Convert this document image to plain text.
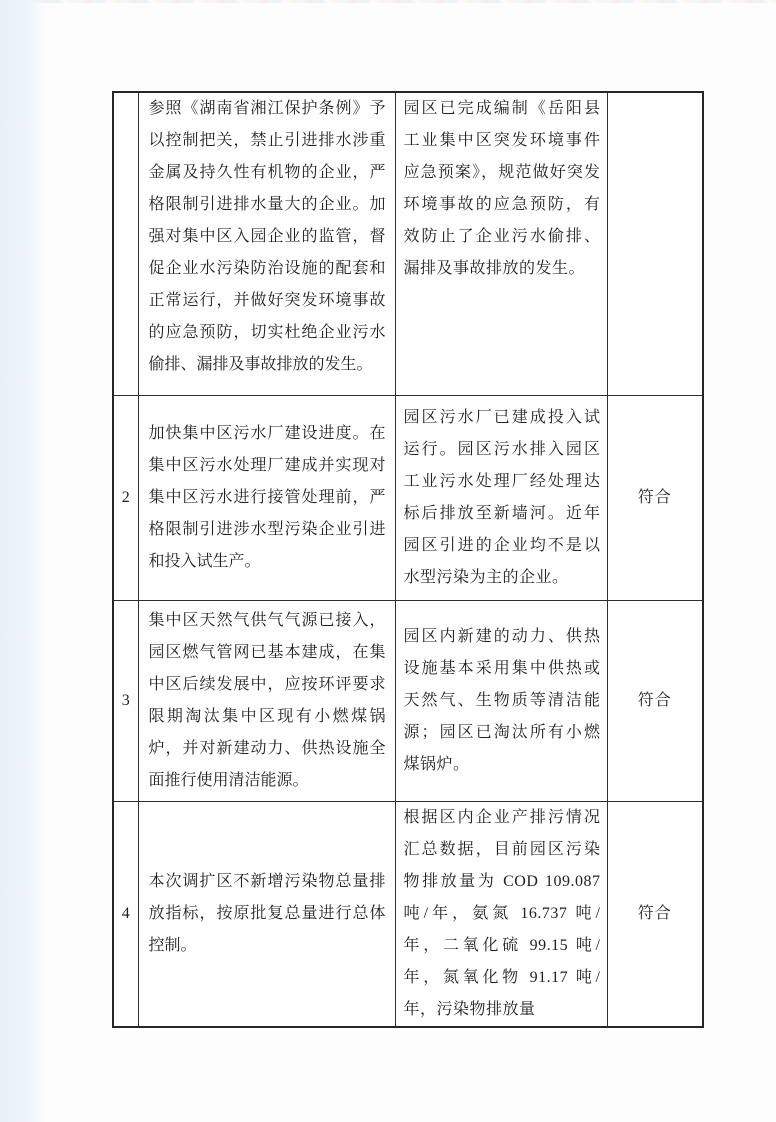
	参照《湖南省湘江保护条例》予以控制把关，禁止引进排水涉重金属及持久性有机物的企业，严格限制引进排水量大的企业。加强对集中区入园企业的监管，督促企业水污染防治设施的配套和正常运行，并做好突发环境事故的应急预防，切实杜绝企业污水偷排、漏排及事故排放的发生。	园区已完成编制《岳阳县工业集中区突发环境事件应急预案》，规范做好突发环境事故的应急预防，有效防止了企业污水偷排、漏排及事故排放的发生。	
2	加快集中区污水厂建设进度。在集中区污水处理厂建成并实现对集中区污水进行接管处理前，严格限制引进涉水型污染企业引进和投入试生产。	园区污水厂已建成投入试运行。园区污水排入园区工业污水处理厂经处理达标后排放至新墙河。近年园区引进的企业均不是以水型污染为主的企业。	符合
3	集中区天然气供气气源已接入，园区燃气管网已基本建成，在集中区后续发展中，应按环评要求限期淘汰集中区现有小燃煤锅炉，并对新建动力、供热设施全面推行使用清洁能源。	园区内新建的动力、供热设施基本采用集中供热或天然气、生物质等清洁能源；园区已淘汰所有小燃煤锅炉。	符合
4	本次调扩区不新增污染物总量排放指标，按原批复总量进行总体控制。	根据区内企业产排污情况汇总数据，目前园区污染物排放量为 COD 109.087 吨/年，氨氮 16.737 吨/年，二氧化硫 99.15 吨/年，氮氧化物 91.17 吨/年，污染物排放量	符合
